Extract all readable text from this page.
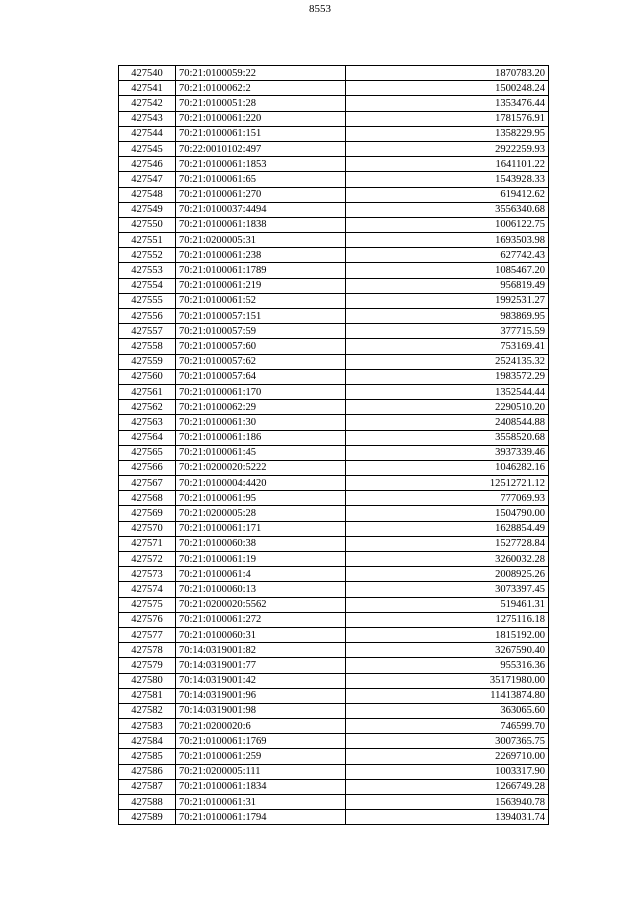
8553
427540	70:21:0100059:22	1870783.20
427541	70:21:0100062:2	1500248.24
427542	70:21:0100051:28	1353476.44
427543	70:21:0100061:220	1781576.91
427544	70:21:0100061:151	1358229.95
427545	70:22:0010102:497	2922259.93
427546	70:21:0100061:1853	1641101.22
427547	70:21:0100061:65	1543928.33
427548	70:21:0100061:270	619412.62
427549	70:21:0100037:4494	3556340.68
427550	70:21:0100061:1838	1006122.75
427551	70:21:0200005:31	1693503.98
427552	70:21:0100061:238	627742.43
427553	70:21:0100061:1789	1085467.20
427554	70:21:0100061:219	956819.49
427555	70:21:0100061:52	1992531.27
427556	70:21:0100057:151	983869.95
427557	70:21:0100057:59	377715.59
427558	70:21:0100057:60	753169.41
427559	70:21:0100057:62	2524135.32
427560	70:21:0100057:64	1983572.29
427561	70:21:0100061:170	1352544.44
427562	70:21:0100062:29	2290510.20
427563	70:21:0100061:30	2408544.88
427564	70:21:0100061:186	3558520.68
427565	70:21:0100061:45	3937339.46
427566	70:21:0200020:5222	1046282.16
427567	70:21:0100004:4420	12512721.12
427568	70:21:0100061:95	777069.93
427569	70:21:0200005:28	1504790.00
427570	70:21:0100061:171	1628854.49
427571	70:21:0100060:38	1527728.84
427572	70:21:0100061:19	3260032.28
427573	70:21:0100061:4	2008925.26
427574	70:21:0100060:13	3073397.45
427575	70:21:0200020:5562	519461.31
427576	70:21:0100061:272	1275116.18
427577	70:21:0100060:31	1815192.00
427578	70:14:0319001:82	3267590.40
427579	70:14:0319001:77	955316.36
427580	70:14:0319001:42	35171980.00
427581	70:14:0319001:96	11413874.80
427582	70:14:0319001:98	363065.60
427583	70:21:0200020:6	746599.70
427584	70:21:0100061:1769	3007365.75
427585	70:21:0100061:259	2269710.00
427586	70:21:0200005:111	1003317.90
427587	70:21:0100061:1834	1266749.28
427588	70:21:0100061:31	1563940.78
427589	70:21:0100061:1794	1394031.74
